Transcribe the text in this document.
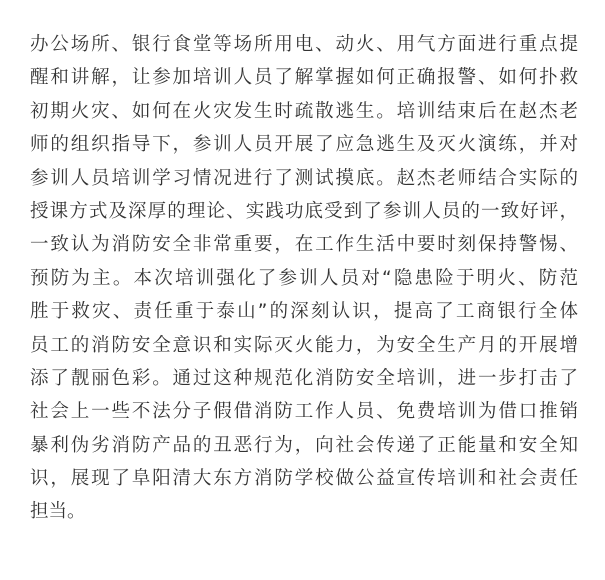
办公场所、银行食堂等场所用电、动火、用气方面进行重点提
醒和讲解，让参加培训人员了解掌握如何正确报警、如何扑救
初期火灾、如何在火灾发生时疏散逃生。培训结束后在赵杰老
师的组织指导下，参训人员开展了应急逃生及灭火演练，并对
参训人员培训学习情况进行了测试摸底。赵杰老师结合实际的
授课方式及深厚的理论、实践功底受到了参训人员的一致好评，
一致认为消防安全非常重要，在工作生活中要时刻保持警惕、
预防为主。本次培训强化了参训人员对“隐患险于明火、防范
胜于救灾、责任重于泰山”的深刻认识，提高了工商银行全体
员工的消防安全意识和实际灭火能力，为安全生产月的开展增
添了靓丽色彩。通过这种规范化消防安全培训，进一步打击了
社会上一些不法分子假借消防工作人员、免费培训为借口推销
暴利伪劣消防产品的丑恶行为，向社会传递了正能量和安全知
识，展现了阜阳清大东方消防学校做公益宣传培训和社会责任
担当。
